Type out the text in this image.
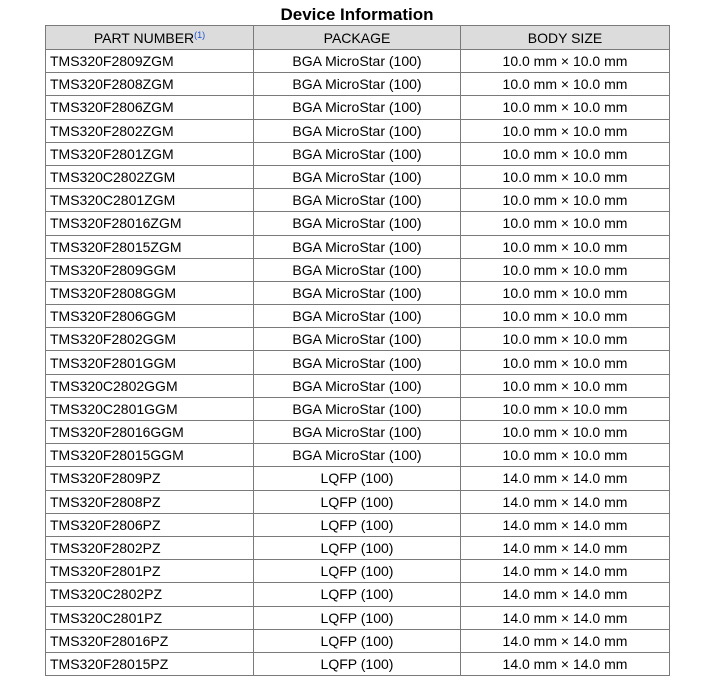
Device Information
PART NUMBER$^{(1)}$	PACKAGE	BODY SIZE
TMS320F2809ZGM	BGA MicroStar (100)	10.0 mm × 10.0 mm
TMS320F2808ZGM	BGA MicroStar (100)	10.0 mm × 10.0 mm
TMS320F2806ZGM	BGA MicroStar (100)	10.0 mm × 10.0 mm
TMS320F2802ZGM	BGA MicroStar (100)	10.0 mm × 10.0 mm
TMS320F2801ZGM	BGA MicroStar (100)	10.0 mm × 10.0 mm
TMS320C2802ZGM	BGA MicroStar (100)	10.0 mm × 10.0 mm
TMS320C2801ZGM	BGA MicroStar (100)	10.0 mm × 10.0 mm
TMS320F28016ZGM	BGA MicroStar (100)	10.0 mm × 10.0 mm
TMS320F28015ZGM	BGA MicroStar (100)	10.0 mm × 10.0 mm
TMS320F2809GGM	BGA MicroStar (100)	10.0 mm × 10.0 mm
TMS320F2808GGM	BGA MicroStar (100)	10.0 mm × 10.0 mm
TMS320F2806GGM	BGA MicroStar (100)	10.0 mm × 10.0 mm
TMS320F2802GGM	BGA MicroStar (100)	10.0 mm × 10.0 mm
TMS320F2801GGM	BGA MicroStar (100)	10.0 mm × 10.0 mm
TMS320C2802GGM	BGA MicroStar (100)	10.0 mm × 10.0 mm
TMS320C2801GGM	BGA MicroStar (100)	10.0 mm × 10.0 mm
TMS320F28016GGM	BGA MicroStar (100)	10.0 mm × 10.0 mm
TMS320F28015GGM	BGA MicroStar (100)	10.0 mm × 10.0 mm
TMS320F2809PZ	LQFP (100)	14.0 mm × 14.0 mm
TMS320F2808PZ	LQFP (100)	14.0 mm × 14.0 mm
TMS320F2806PZ	LQFP (100)	14.0 mm × 14.0 mm
TMS320F2802PZ	LQFP (100)	14.0 mm × 14.0 mm
TMS320F2801PZ	LQFP (100)	14.0 mm × 14.0 mm
TMS320C2802PZ	LQFP (100)	14.0 mm × 14.0 mm
TMS320C2801PZ	LQFP (100)	14.0 mm × 14.0 mm
TMS320F28016PZ	LQFP (100)	14.0 mm × 14.0 mm
TMS320F28015PZ	LQFP (100)	14.0 mm × 14.0 mm
